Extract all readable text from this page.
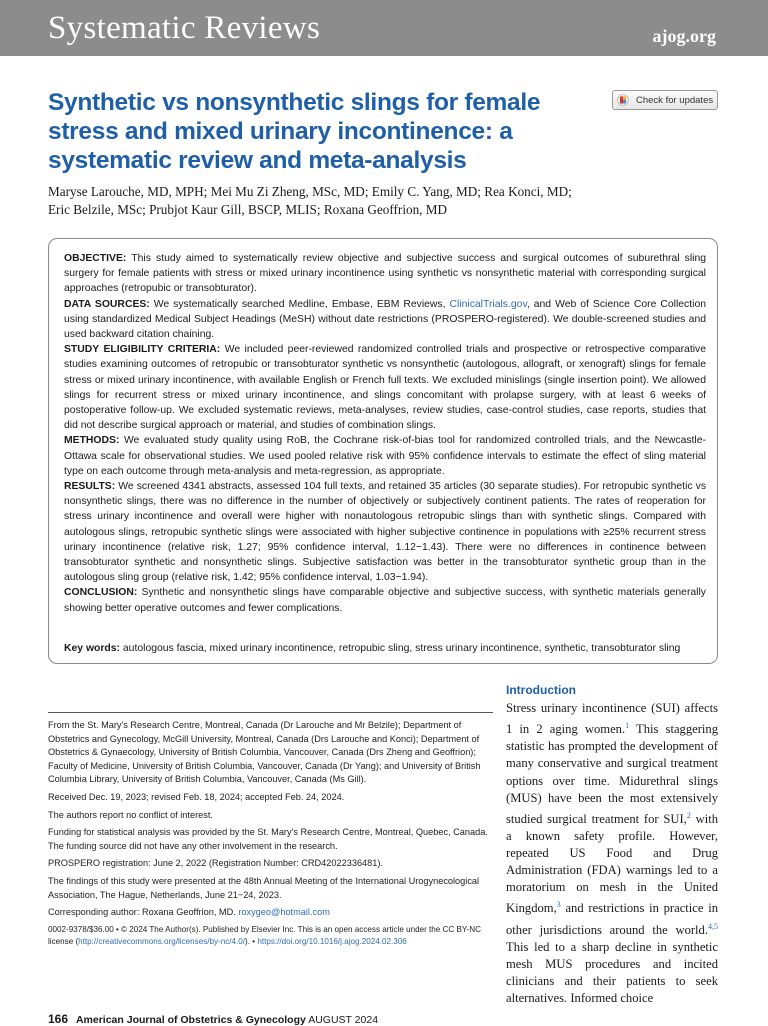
Systematic Reviews	ajog.org
Synthetic vs nonsynthetic slings for female stress and mixed urinary incontinence: a systematic review and meta-analysis
Check for updates
Maryse Larouche, MD, MPH; Mei Mu Zi Zheng, MSc, MD; Emily C. Yang, MD; Rea Konci, MD;
Eric Belzile, MSc; Prubjot Kaur Gill, BSCP, MLIS; Roxana Geoffrion, MD

OBJECTIVE: This study aimed to systematically review objective and subjective success and surgical outcomes of suburethral sling surgery for female patients with stress or mixed urinary incontinence using synthetic vs nonsynthetic material with corresponding surgical approaches (retropubic or transobturator).

DATA SOURCES: We systematically searched Medline, Embase, EBM Reviews, ClinicalTrials.gov, and Web of Science Core Collection using standardized Medical Subject Headings (MeSH) without date restrictions (PROSPERO-registered). We double-screened studies and used backward citation chaining.

STUDY ELIGIBILITY CRITERIA: We included peer-reviewed randomized controlled trials and prospective or retrospective comparative studies examining outcomes of retropubic or transobturator synthetic vs nonsynthetic (autologous, allograft, or xenograft) slings for female stress or mixed urinary incontinence, with available English or French full texts. We excluded minislings (single insertion point). We allowed slings for recurrent stress or mixed urinary incontinence, and slings concomitant with prolapse surgery, with at least 6 weeks of postoperative follow-up. We excluded systematic reviews, meta-analyses, review studies, case-control studies, case reports, studies that did not describe surgical approach or material, and studies of combination slings.

METHODS: We evaluated study quality using RoB, the Cochrane risk-of-bias tool for randomized controlled trials, and the Newcastle-Ottawa scale for observational studies. We used pooled relative risk with 95% confidence intervals to estimate the effect of sling material type on each outcome through meta-analysis and meta-regression, as appropriate.

RESULTS: We screened 4341 abstracts, assessed 104 full texts, and retained 35 articles (30 separate studies). For retropubic synthetic vs nonsynthetic slings, there was no difference in the number of objectively or subjectively continent patients. The rates of reoperation for stress urinary incontinence and overall were higher with nonautologous retropubic slings than with synthetic slings. Compared with autologous slings, retropubic synthetic slings were associated with higher subjective continence in populations with ≥25% recurrent stress urinary incontinence (relative risk, 1.27; 95% confidence interval, 1.12−1.43). There were no differences in continence between transobturator synthetic and nonsynthetic slings. Subjective satisfaction was better in the transobturator synthetic group than in the autologous sling group (relative risk, 1.42; 95% confidence interval, 1.03−1.94).

CONCLUSION: Synthetic and nonsynthetic slings have comparable objective and subjective success, with synthetic materials generally showing better operative outcomes and fewer complications.

Key words: autologous fascia, mixed urinary incontinence, retropubic sling, stress urinary incontinence, synthetic, transobturator sling

From the St. Mary's Research Centre, Montreal, Canada (Dr Larouche and Mr Belzile); Department of Obstetrics and Gynecology, McGill University, Montreal, Canada (Drs Larouche and Konci); Department of Obstetrics & Gynaecology, University of British Columbia, Vancouver, Canada (Drs Zheng and Geoffrion); Faculty of Medicine, University of British Columbia, Vancouver, Canada (Dr Yang); and University of British Columbia Library, University of British Columbia, Vancouver, Canada (Ms Gill).

Received Dec. 19, 2023; revised Feb. 18, 2024; accepted Feb. 24, 2024.

The authors report no conflict of interest.

Funding for statistical analysis was provided by the St. Mary's Research Centre, Montreal, Quebec, Canada. The funding source did not have any other involvement in the research.

PROSPERO registration: June 2, 2022 (Registration Number: CRD42022336481).

The findings of this study were presented at the 48th Annual Meeting of the International Urogynecological Association, The Hague, Netherlands, June 21−24, 2023.

Corresponding author: Roxana Geoffrion, MD. roxygeo@hotmail.com

0002-9378/$36.00 • © 2024 The Author(s). Published by Elsevier Inc. This is an open access article under the CC BY-NC license (http://creativecommons.org/licenses/by-nc/4.0/). • https://doi.org/10.1016/j.ajog.2024.02.306

Introduction
Stress urinary incontinence (SUI) affects 1 in 2 aging women.$^1$ This staggering statistic has prompted the development of many conservative and surgical treatment options over time. Midurethral slings (MUS) have been the most extensively studied surgical treatment for SUI,$^2$ with a known safety profile. However, repeated US Food and Drug Administration (FDA) warnings led to a moratorium on mesh in the United Kingdom,$^3$ and restrictions in practice in other jurisdictions around the world.$^{4,5}$ This led to a sharp decline in synthetic mesh MUS procedures and incited clinicians and their patients to seek alternatives. Informed choice
166 American Journal of Obstetrics & Gynecology AUGUST 2024
